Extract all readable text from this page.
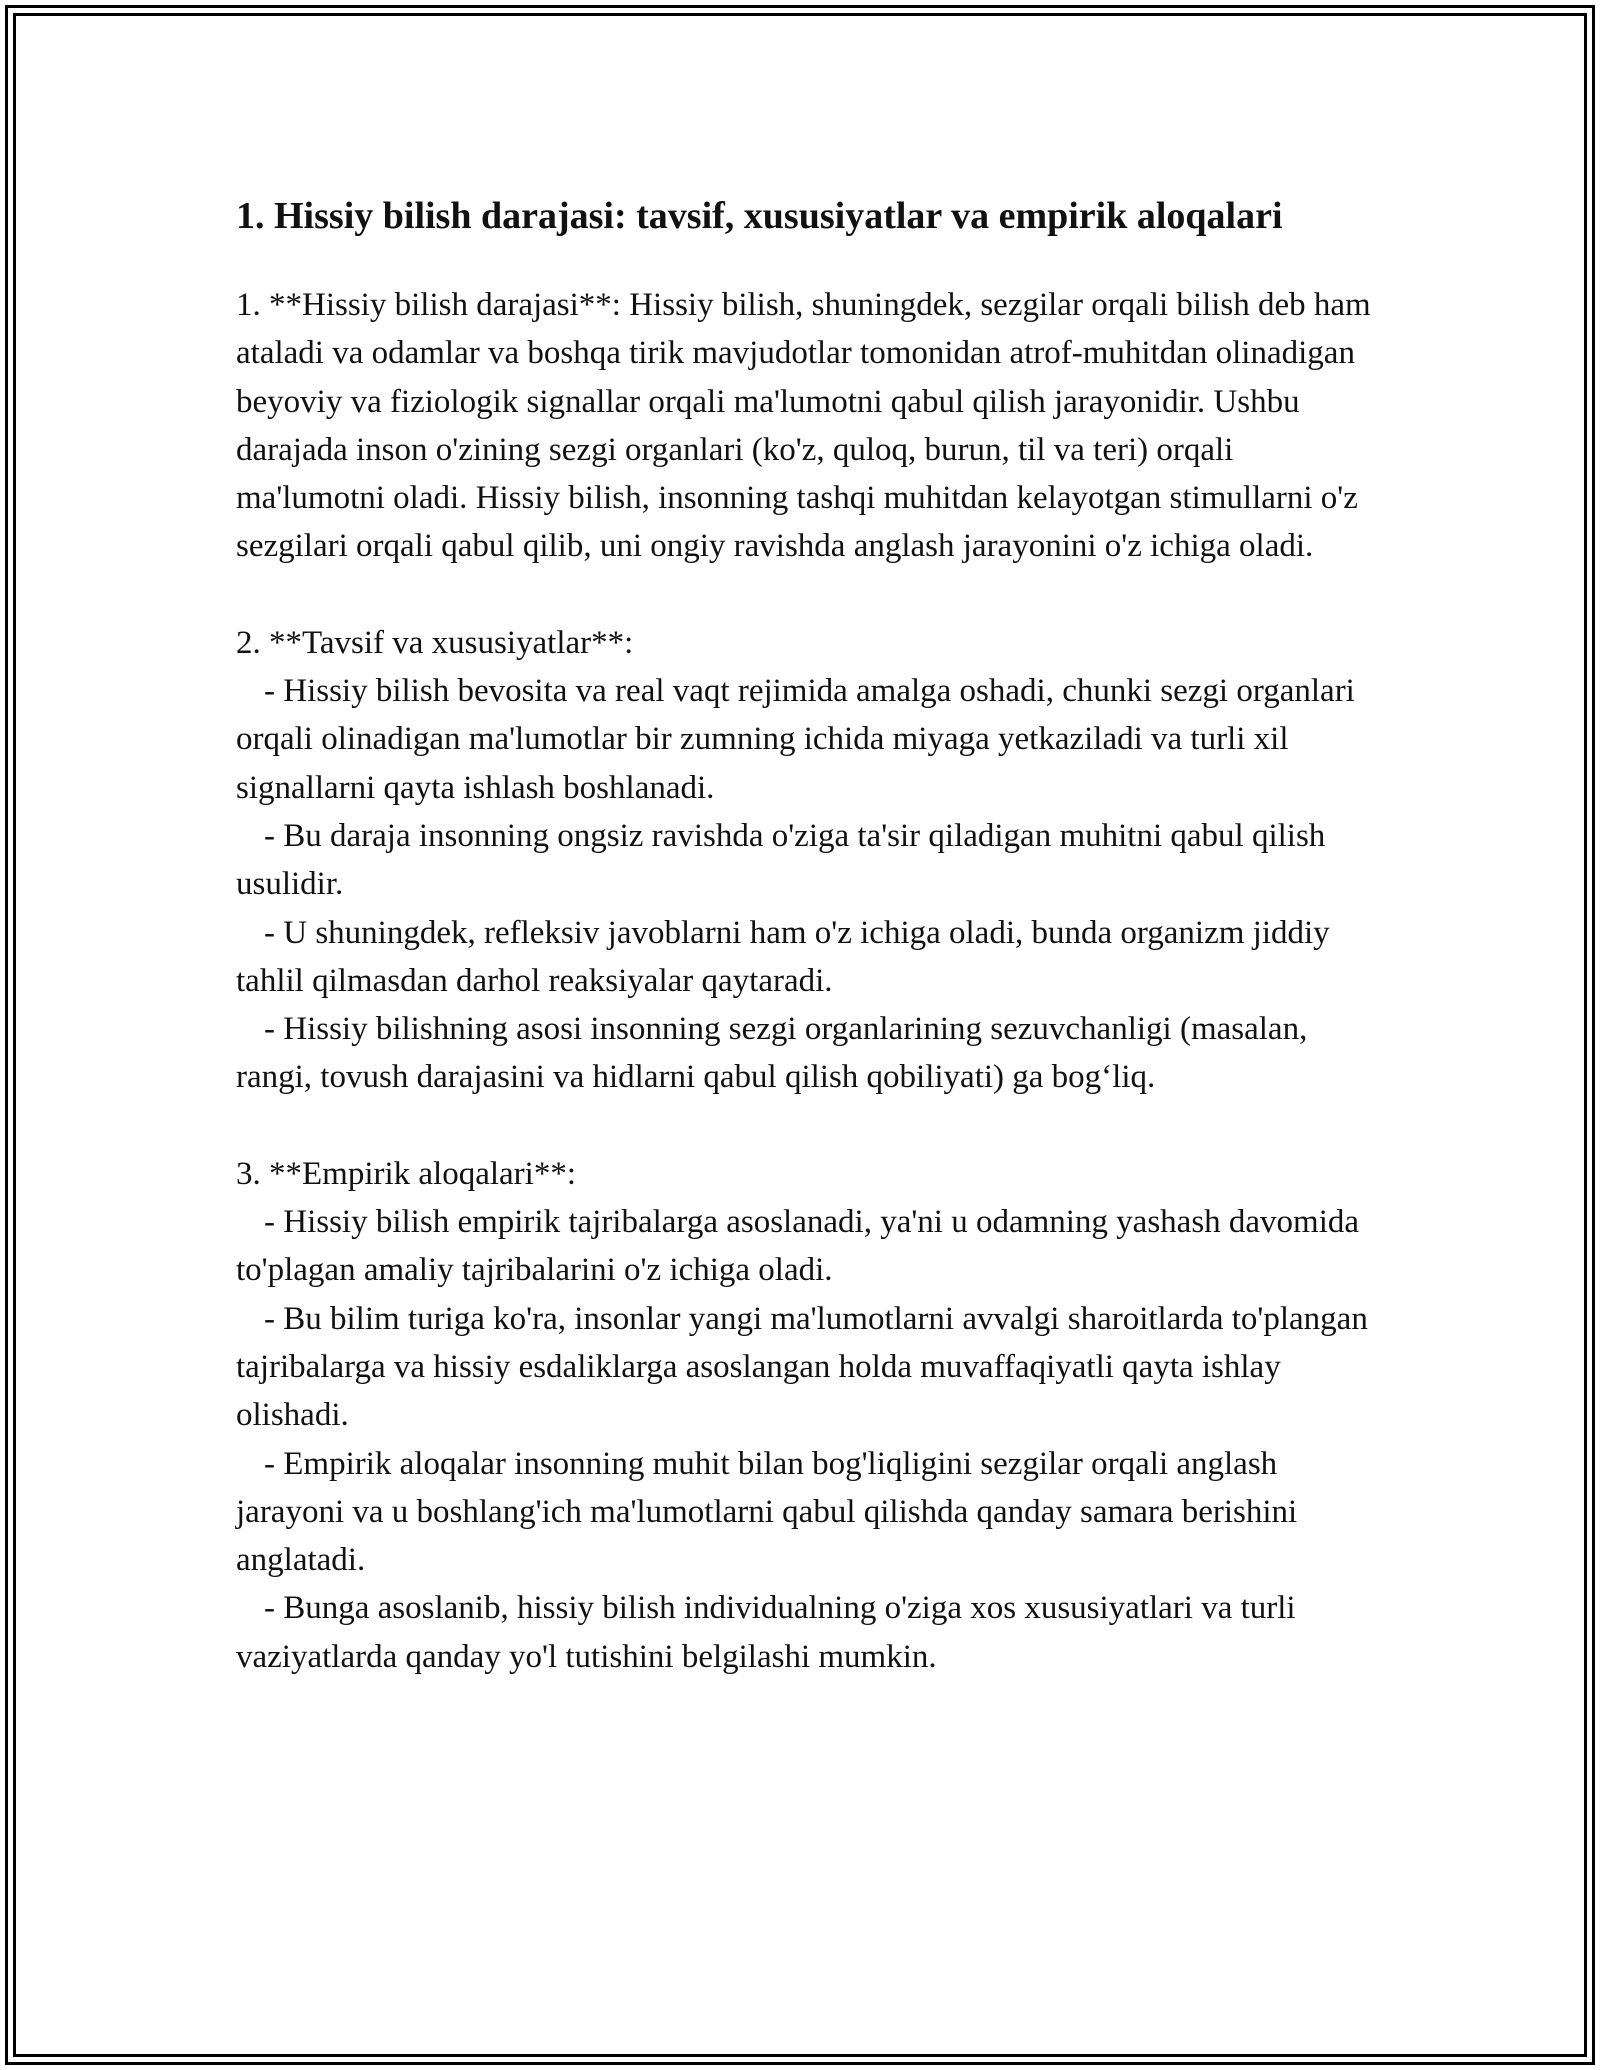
1. Hissiy bilish darajasi: tavsif, xususiyatlar va empirik aloqalari
1. **Hissiy bilish darajasi**: Hissiy bilish, shuningdek, sezgilar orqali bilish deb ham ataladi va odamlar va boshqa tirik mavjudotlar tomonidan atrof-muhitdan olinadigan beyoviy va fiziologik signallar orqali ma'lumotni qabul qilish jarayonidir. Ushbu darajada inson o'zining sezgi organlari (ko'z, quloq, burun, til va teri) orqali ma'lumotni oladi. Hissiy bilish, insonning tashqi muhitdan kelayotgan stimullarni o'z sezgilari orqali qabul qilib, uni ongiy ravishda anglash jarayonini o'z ichiga oladi.
2. **Tavsif va xususiyatlar**:
- Hissiy bilish bevosita va real vaqt rejimida amalga oshadi, chunki sezgi organlari orqali olinadigan ma'lumotlar bir zumning ichida miyaga yetkaziladi va turli xil signallarni qayta ishlash boshlanadi.
- Bu daraja insonning ongsiz ravishda o'ziga ta'sir qiladigan muhitni qabul qilish usulidir.
- U shuningdek, refleksiv javoblarni ham o'z ichiga oladi, bunda organizm jiddiy tahlil qilmasdan darhol reaksiyalar qaytaradi.
- Hissiy bilishning asosi insonning sezgi organlarining sezuvchanligi (masalan, rangi, tovush darajasini va hidlarni qabul qilish qobiliyati) ga bog‘liq.
3. **Empirik aloqalari**:
- Hissiy bilish empirik tajribalarga asoslanadi, ya'ni u odamning yashash davomida to'plagan amaliy tajribalarini o'z ichiga oladi.
- Bu bilim turiga ko'ra, insonlar yangi ma'lumotlarni avvalgi sharoitlarda to'plangan tajribalarga va hissiy esdaliklarga asoslangan holda muvaffaqiyatli qayta ishlay olishadi.
- Empirik aloqalar insonning muhit bilan bog'liqligini sezgilar orqali anglash jarayoni va u boshlang'ich ma'lumotlarni qabul qilishda qanday samara berishini anglatadi.
- Bunga asoslanib, hissiy bilish individualning o'ziga xos xususiyatlari va turli vaziyatlarda qanday yo'l tutishini belgilashi mumkin.
